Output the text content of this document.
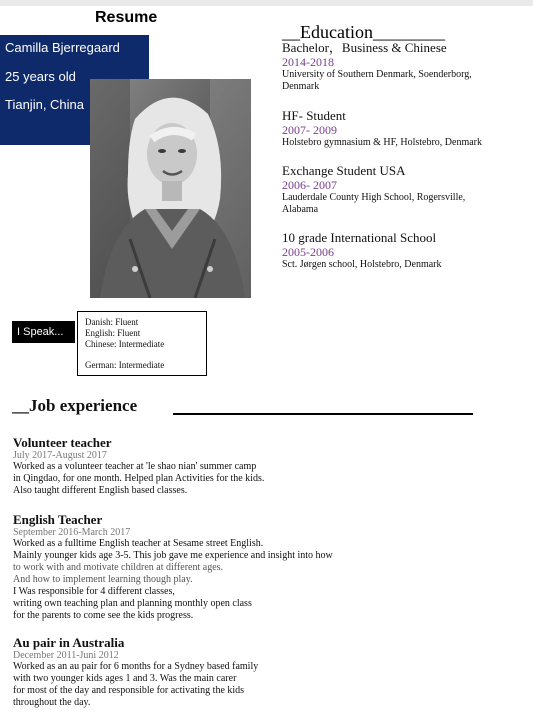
Resume
Camilla Bjerregaard
25 years old
Tianjin, China
__Education________
Bachelor，Business & Chinese
2014-2018
University of Southern Denmark, Soenderborg,
Denmark
HF- Student
2007- 2009
Holstebro gymnasium & HF, Holstebro, Denmark
Exchange Student USA
2006- 2007
Lauderdale County High School, Rogersville,
Alabama
10 grade International School
2005-2006
Sct. Jørgen school, Holstebro, Denmark
I Speak...
Danish: Fluent
English: Fluent
Chinese: Intermediate
German: Intermediate
__Job experience
Volunteer teacher
July 2017-August 2017
Worked as a volunteer teacher at 'le shao nian' summer camp
in Qingdao, for one month. Helped plan Activities for the kids.
Also taught different English based classes.
English Teacher
September 2016-March 2017
Worked as a fulltime English teacher at Sesame street English.
Mainly younger kids age 3-5. This job gave me experience and insight into how
to work with and motivate children at different ages.
And how to implement learning though play.
I Was responsible for 4 different classes,
writing own teaching plan and planning monthly open class
for the parents to come see the kids progress.
Au pair in Australia
December 2011-Juni 2012
Worked as an au pair for 6 months for a Sydney based family
with two younger kids ages 1 and 3. Was the main carer
for most of the day and responsible for activating the kids
throughout the day.
